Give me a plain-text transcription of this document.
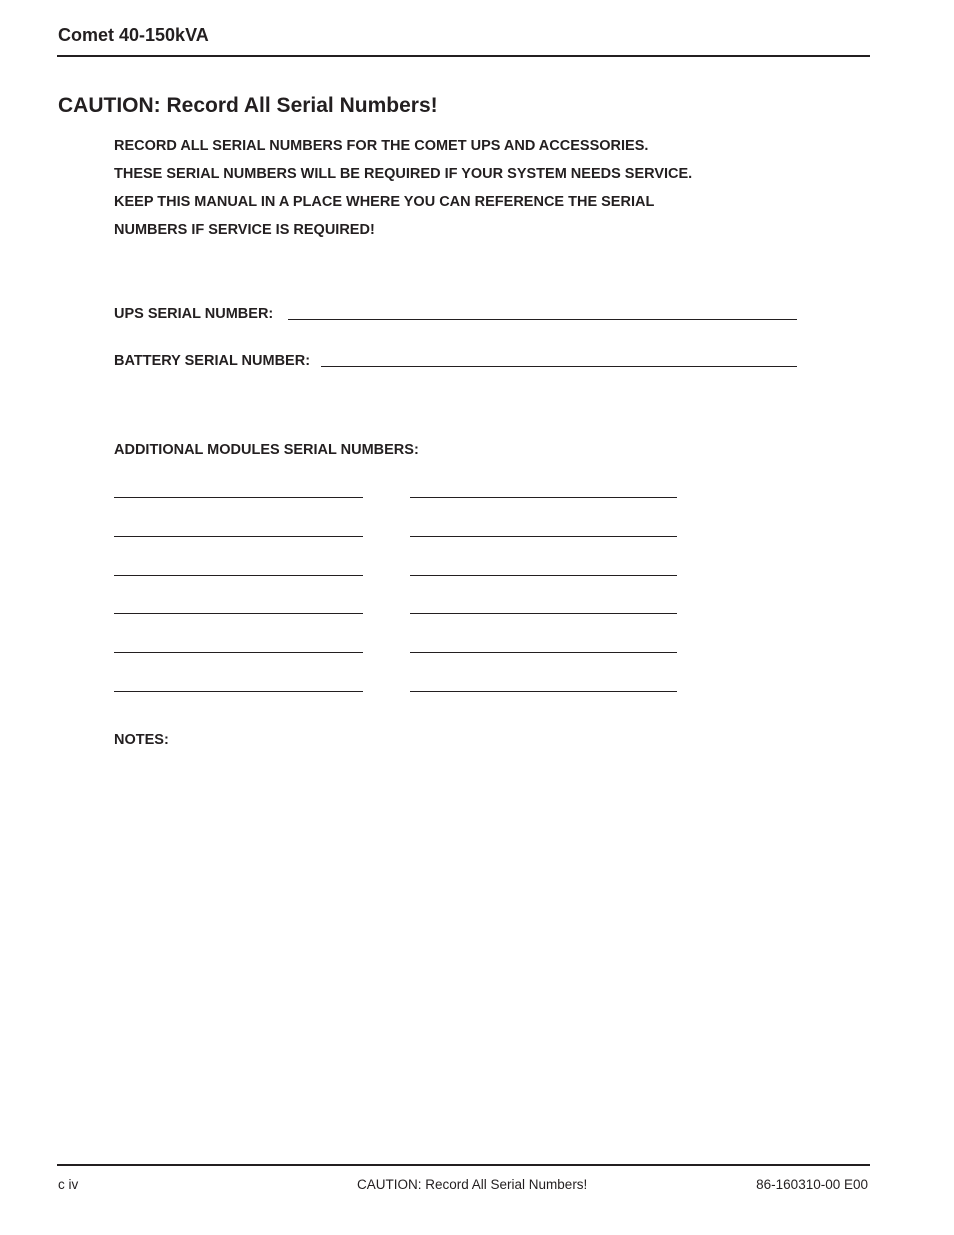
Comet 40-150kVA
CAUTION: Record All Serial Numbers!
RECORD ALL SERIAL NUMBERS FOR THE COMET UPS AND ACCESSORIES.
THESE SERIAL NUMBERS WILL BE REQUIRED IF YOUR SYSTEM NEEDS SERVICE.
KEEP THIS MANUAL IN A PLACE WHERE YOU CAN REFERENCE THE SERIAL
NUMBERS IF SERVICE IS REQUIRED!
UPS SERIAL NUMBER:
BATTERY SERIAL NUMBER:
ADDITIONAL MODULES SERIAL NUMBERS:
NOTES:
c iv	CAUTION: Record All Serial Numbers!	86-160310-00 E00
